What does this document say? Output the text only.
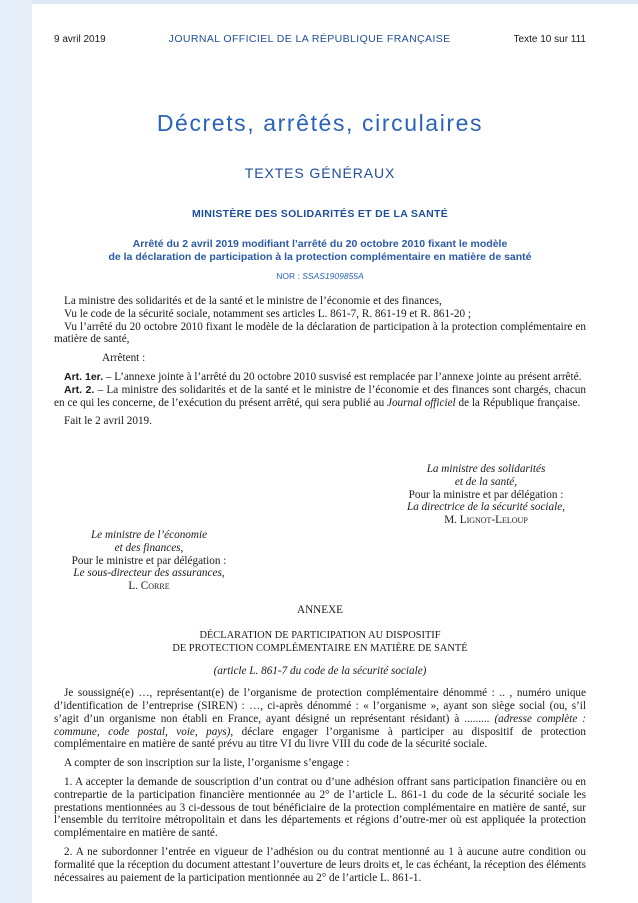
9 avril 2019	JOURNAL OFFICIEL DE LA RÉPUBLIQUE FRANÇAISE	Texte 10 sur 111
Décrets, arrêtés, circulaires
TEXTES GÉNÉRAUX
MINISTÈRE DES SOLIDARITÉS ET DE LA SANTÉ
Arrêté du 2 avril 2019 modifiant l’arrêté du 20 octobre 2010 fixant le modèle
de la déclaration de participation à la protection complémentaire en matière de santé
NOR : SSAS1909855A

La ministre des solidarités et de la santé et le ministre de l’économie et des finances,

Vu le code de la sécurité sociale, notamment ses articles L. 861-7, R. 861-19 et R. 861-20 ;

Vu l’arrêté du 20 octobre 2010 fixant le modèle de la déclaration de participation à la protection complémentaire en matière de santé,

Arrêtent :

Art. 1er. – L’annexe jointe à l’arrêté du 20 octobre 2010 susvisé est remplacée par l’annexe jointe au présent arrêté.

Art. 2. – La ministre des solidarités et de la santé et le ministre de l’économie et des finances sont chargés, chacun en ce qui les concerne, de l’exécution du présent arrêté, qui sera publié au Journal officiel de la République française.

Fait le 2 avril 2019.

La ministre des solidarités
et de la santé,
Pour la ministre et par délégation :
La directrice de la sécurité sociale,
M. Lignot-Leloup
Le ministre de l’économie
et des finances,
Pour le ministre et par délégation :
Le sous-directeur des assurances,
L. Corre
ANNEXE
DÉCLARATION DE PARTICIPATION AU DISPOSITIF
DE PROTECTION COMPLÉMENTAIRE EN MATIÈRE DE SANTÉ
(article L. 861-7 du code de la sécurité sociale)

Je soussigné(e) …, représentant(e) de l’organisme de protection complémentaire dénommé : .. , numéro unique d’identification de l’entreprise (SIREN) : …, ci-après dénommé : « l’organisme », ayant son siège social (ou, s’il s’agit d’un organisme non établi en France, ayant désigné un représentant résidant) à ......... (adresse complète : commune, code postal, voie, pays), déclare engager l’organisme à participer au dispositif de protection complémentaire en matière de santé prévu au titre VI du livre VIII du code de la sécurité sociale.

A compter de son inscription sur la liste, l’organisme s’engage :

1. A accepter la demande de souscription d’un contrat ou d’une adhésion offrant sans participation financière ou en contrepartie de la participation financière mentionnée au 2° de l’article L. 861-1 du code de la sécurité sociale les prestations mentionnées au 3 ci-dessous de tout bénéficiaire de la protection complémentaire en matière de santé, sur l’ensemble du territoire métropolitain et dans les départements et régions d’outre-mer où est appliquée la protection complémentaire en matière de santé.

2. A ne subordonner l’entrée en vigueur de l’adhésion ou du contrat mentionné au 1 à aucune autre condition ou formalité que la réception du document attestant l’ouverture de leurs droits et, le cas échéant, la réception des éléments nécessaires au paiement de la participation mentionnée au 2° de l’article L. 861-1.
